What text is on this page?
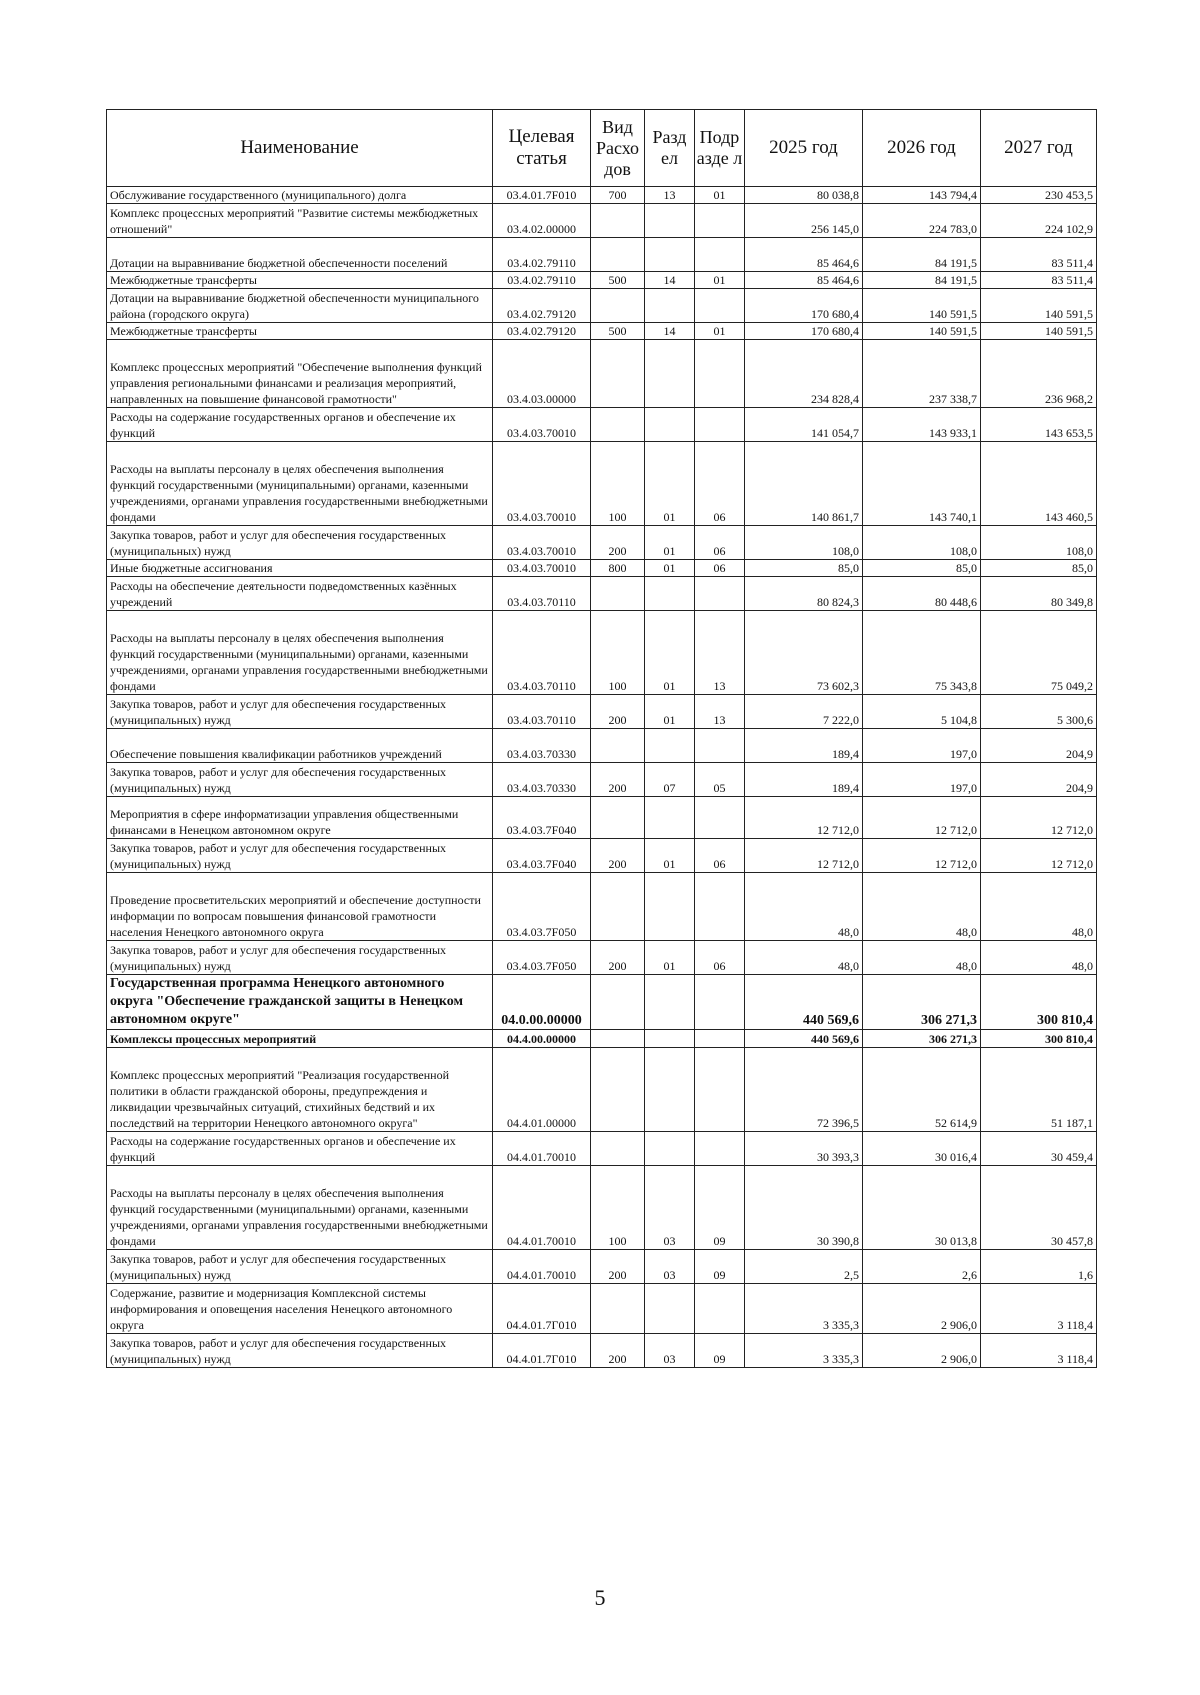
Наименование	Целевая статья	Вид Расхо дов	Разд ел	Подр азде л	2025 год	2026 год	2027 год
Обслуживание государственного (муниципального) долга	03.4.01.7F010	700	13	01	80 038,8	143 794,4	230 453,5
Комплекс процессных мероприятий "Развитие системы межбюджетных отношений"	03.4.02.00000				256 145,0	224 783,0	224 102,9
Дотации на выравнивание бюджетной обеспеченности поселений	03.4.02.79110				85 464,6	84 191,5	83 511,4
Межбюджетные трансферты	03.4.02.79110	500	14	01	85 464,6	84 191,5	83 511,4
Дотации на выравнивание бюджетной обеспеченности муниципального района (городского округа)	03.4.02.79120				170 680,4	140 591,5	140 591,5
Межбюджетные трансферты	03.4.02.79120	500	14	01	170 680,4	140 591,5	140 591,5
Комплекс процессных мероприятий "Обеспечение выполнения функций управления региональными финансами и реализация мероприятий, направленных на повышение финансовой грамотности"	03.4.03.00000				234 828,4	237 338,7	236 968,2
Расходы на содержание государственных органов и обеспечение их функций	03.4.03.70010				141 054,7	143 933,1	143 653,5
Расходы на выплаты персоналу в целях обеспечения выполнения функций государственными (муниципальными) органами, казенными учреждениями, органами управления государственными внебюджетными фондами	03.4.03.70010	100	01	06	140 861,7	143 740,1	143 460,5
Закупка товаров, работ и услуг для обеспечения государственных (муниципальных) нужд	03.4.03.70010	200	01	06	108,0	108,0	108,0
Иные бюджетные ассигнования	03.4.03.70010	800	01	06	85,0	85,0	85,0
Расходы на обеспечение деятельности подведомственных казённых учреждений	03.4.03.70110				80 824,3	80 448,6	80 349,8
Расходы на выплаты персоналу в целях обеспечения выполнения функций государственными (муниципальными) органами, казенными учреждениями, органами управления государственными внебюджетными фондами	03.4.03.70110	100	01	13	73 602,3	75 343,8	75 049,2
Закупка товаров, работ и услуг для обеспечения государственных (муниципальных) нужд	03.4.03.70110	200	01	13	7 222,0	5 104,8	5 300,6
Обеспечение повышения квалификации работников учреждений	03.4.03.70330				189,4	197,0	204,9
Закупка товаров, работ и услуг для обеспечения государственных (муниципальных) нужд	03.4.03.70330	200	07	05	189,4	197,0	204,9
Мероприятия в сфере информатизации управления общественными финансами в Ненецком автономном округе	03.4.03.7F040				12 712,0	12 712,0	12 712,0
Закупка товаров, работ и услуг для обеспечения государственных (муниципальных) нужд	03.4.03.7F040	200	01	06	12 712,0	12 712,0	12 712,0
Проведение просветительских мероприятий и обеспечение доступности информации по вопросам повышения финансовой грамотности населения Ненецкого автономного округа	03.4.03.7F050				48,0	48,0	48,0
Закупка товаров, работ и услуг для обеспечения государственных (муниципальных) нужд	03.4.03.7F050	200	01	06	48,0	48,0	48,0
Государственная программа Ненецкого автономного округа "Обеспечение гражданской защиты в Ненецком автономном округе"	04.0.00.00000				440 569,6	306 271,3	300 810,4
Комплексы процессных мероприятий	04.4.00.00000				440 569,6	306 271,3	300 810,4
Комплекс процессных мероприятий "Реализация государственной политики в области гражданской обороны, предупреждения и ликвидации чрезвычайных ситуаций, стихийных бедствий и их последствий на территории Ненецкого автономного округа"	04.4.01.00000				72 396,5	52 614,9	51 187,1
Расходы на содержание государственных органов и обеспечение их функций	04.4.01.70010				30 393,3	30 016,4	30 459,4
Расходы на выплаты персоналу в целях обеспечения выполнения функций государственными (муниципальными) органами, казенными учреждениями, органами управления государственными внебюджетными фондами	04.4.01.70010	100	03	09	30 390,8	30 013,8	30 457,8
Закупка товаров, работ и услуг для обеспечения государственных (муниципальных) нужд	04.4.01.70010	200	03	09	2,5	2,6	1,6
Содержание, развитие и модернизация Комплексной системы информирования и оповещения населения Ненецкого автономного округа	04.4.01.7Г010				3 335,3	2 906,0	3 118,4
Закупка товаров, работ и услуг для обеспечения государственных (муниципальных) нужд	04.4.01.7Г010	200	03	09	3 335,3	2 906,0	3 118,4
5
